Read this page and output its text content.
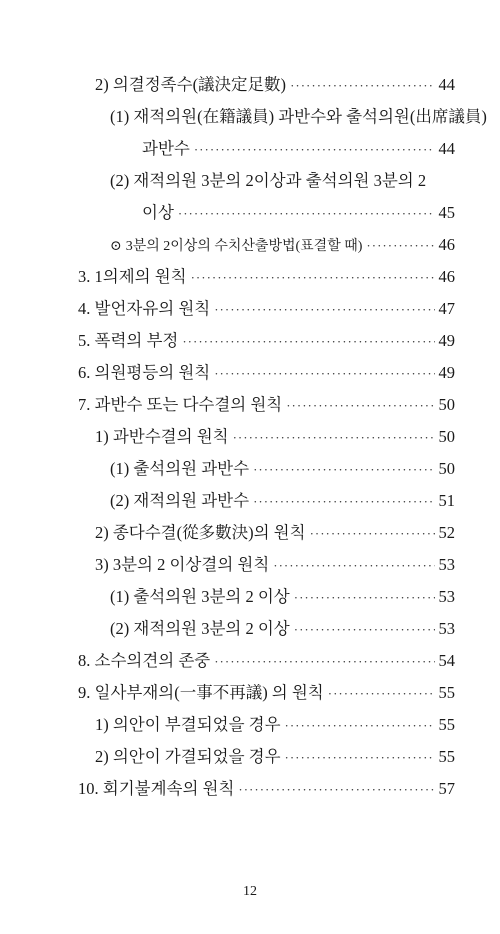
2) 의결정족수(議決定足數) ·····	44
(1) 재적의원(在籍議員) 과반수와 출석의원(出席議員)
과반수 ·····	44
(2) 재적의원 3분의 2이상과 출석의원 3분의 2
이상 ·····	45
⊙ 3분의 2이상의 수치산출방법(표결할 때) ·····	46
3. 1의제의 원칙 ·····	46
4. 발언자유의 원칙 ·····	47
5. 폭력의 부정 ·····	49
6. 의원평등의 원칙 ·····	49
7. 과반수 또는 다수결의 원칙 ·····	50
1) 과반수결의 원칙 ·····	50
(1) 출석의원 과반수 ·····	50
(2) 재적의원 과반수 ·····	51
2) 종다수결(從多數決)의 원칙 ·····	52
3) 3분의 2 이상결의 원칙 ·····	53
(1) 출석의원 3분의 2 이상 ·····	53
(2) 재적의원 3분의 2 이상 ·····	53
8. 소수의견의 존중 ·····	54
9. 일사부재의(一事不再議) 의 원칙 ·····	55
1) 의안이 부결되었을 경우 ·····	55
2) 의안이 가결되었을 경우 ·····	55
10. 회기불계속의 원칙 ·····	57
12
